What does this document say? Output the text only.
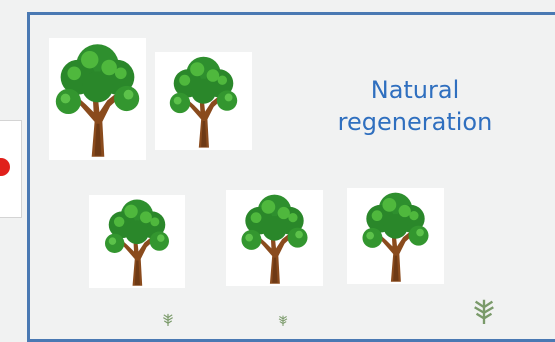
Natural
regeneration
